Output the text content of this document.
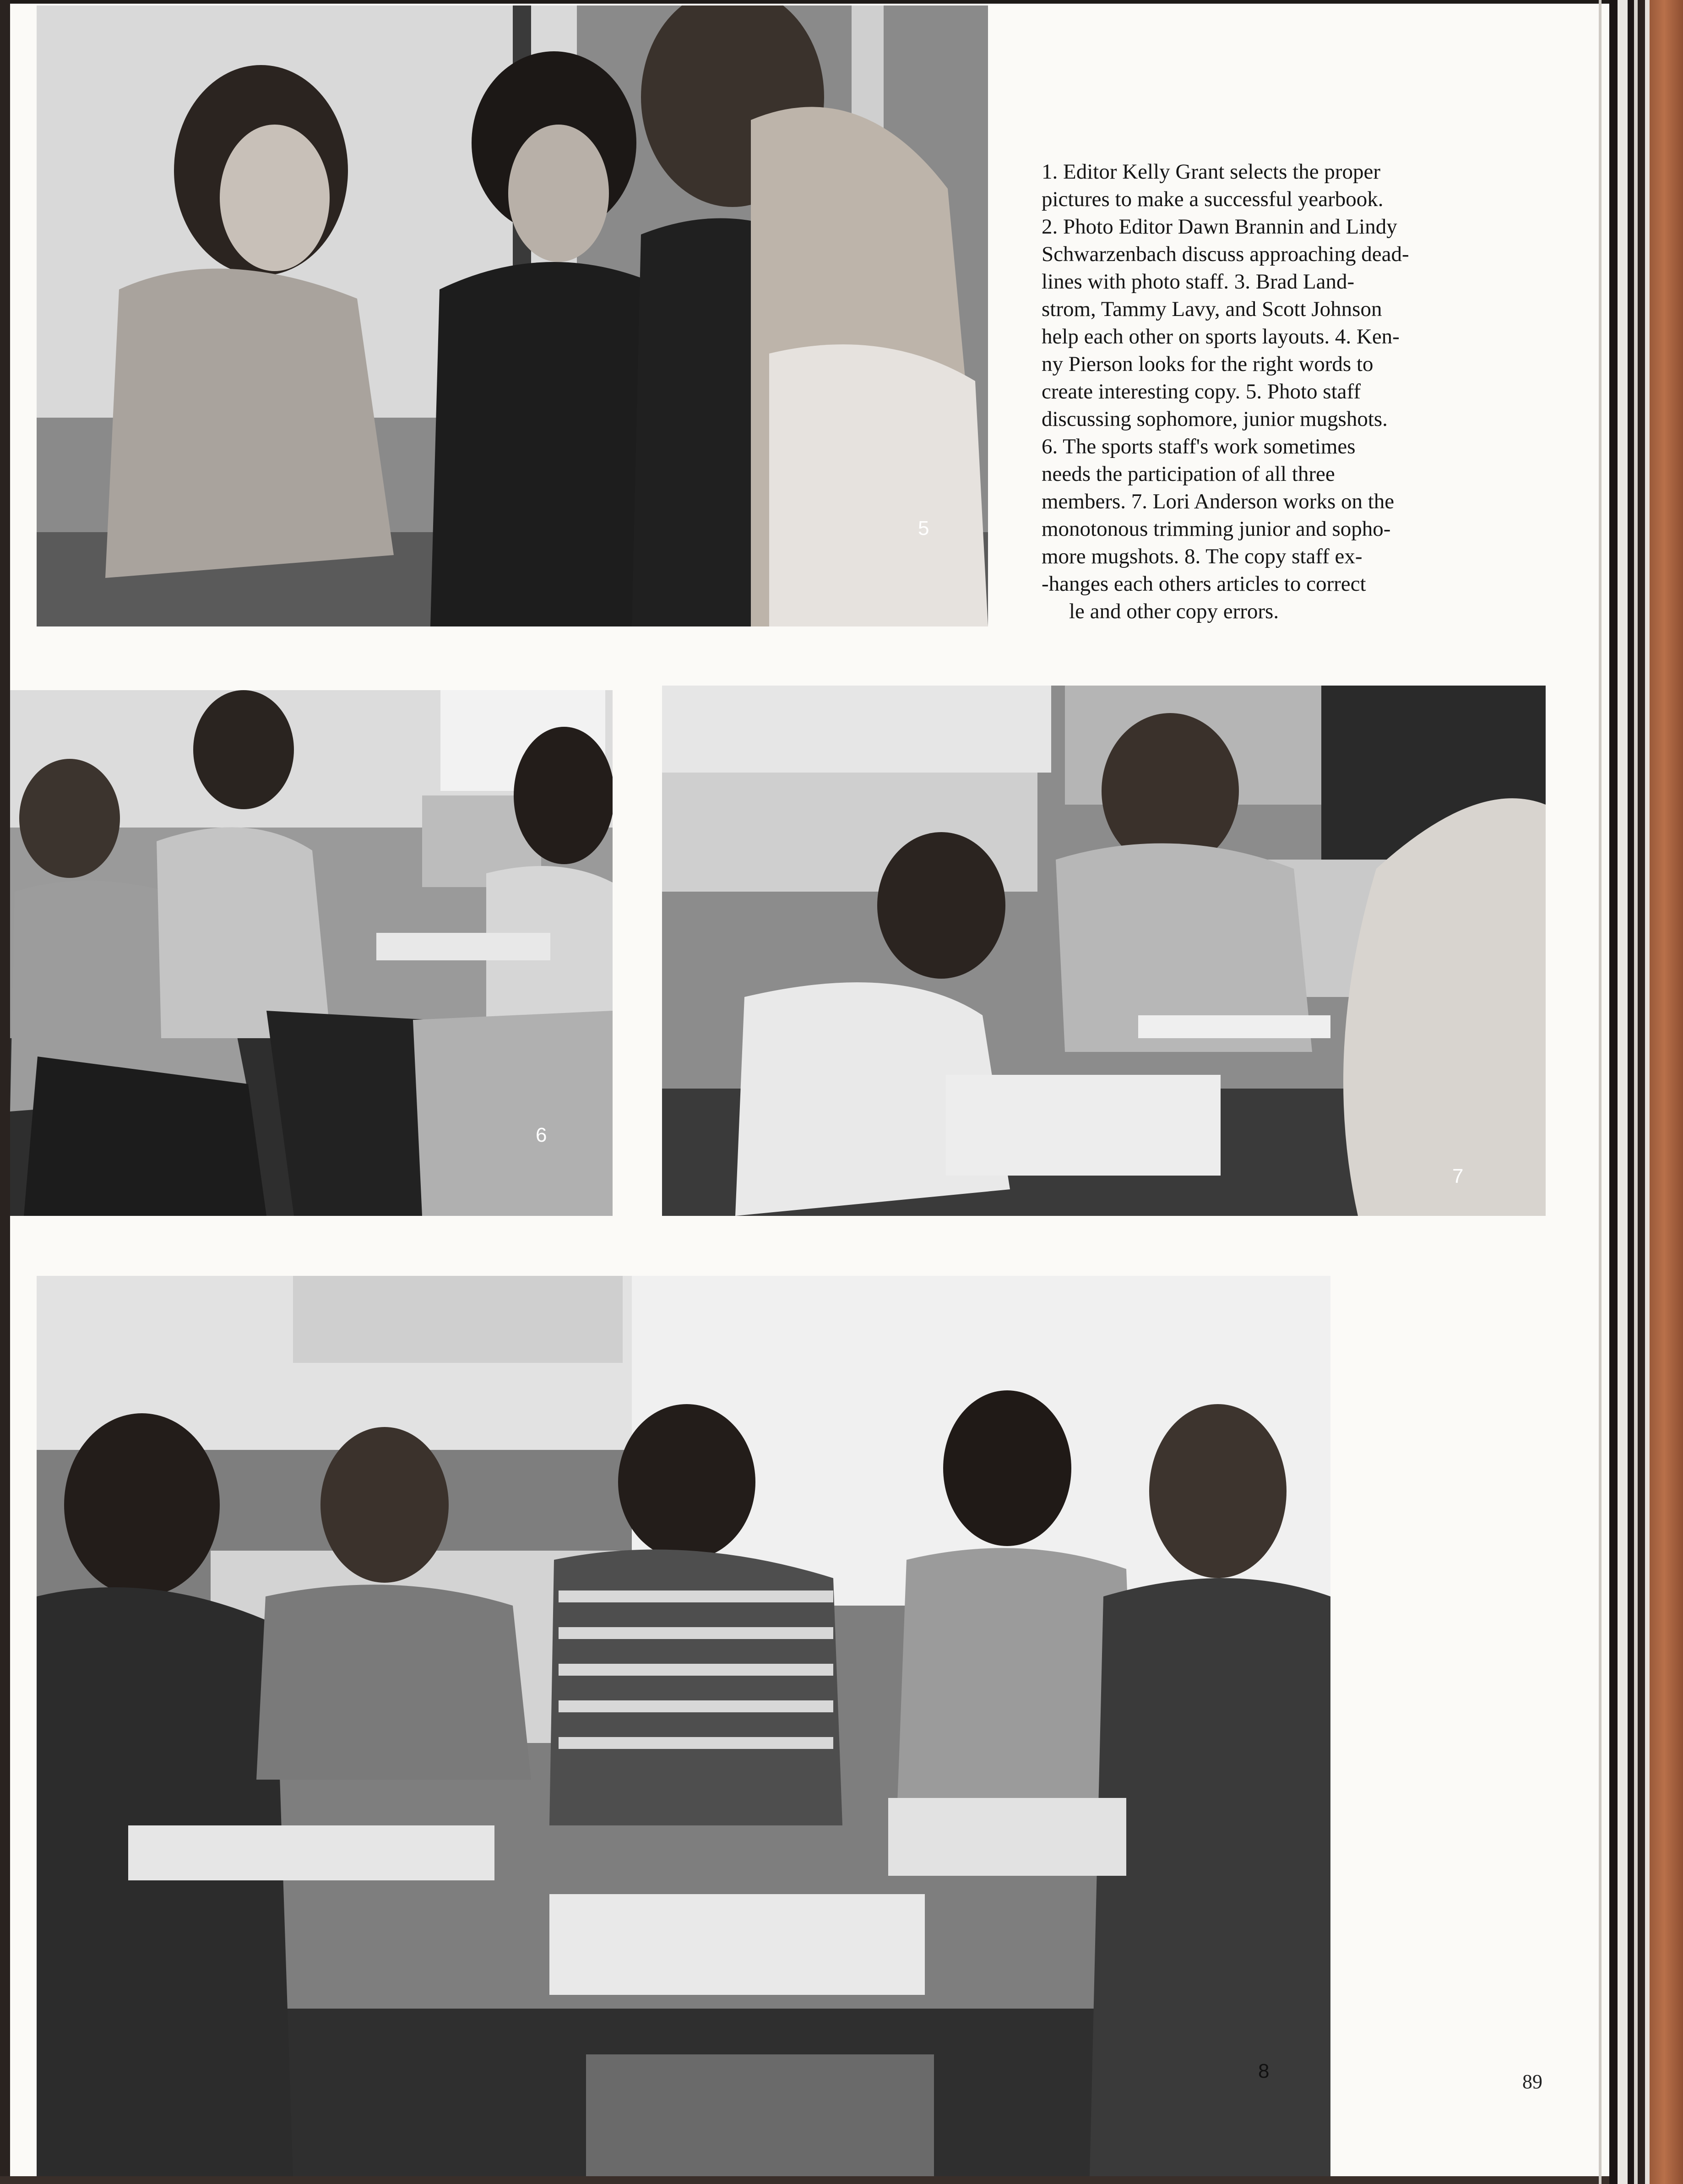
5

1. Editor Kelly Grant selects the proper

pictures to make a successful yearbook.

2. Photo Editor Dawn Brannin and Lindy

Schwarzenbach discuss approaching dead-

lines with photo staff. 3. Brad Land-

strom, Tammy Lavy, and Scott Johnson

help each other on sports layouts. 4. Ken-

ny Pierson looks for the right words to

create interesting copy. 5. Photo staff

discussing sophomore, junior mugshots.

6. The sports staff's work sometimes

needs the participation of all three

members. 7. Lori Anderson works on the

monotonous trimming junior and sopho-

more mugshots. 8. The copy staff ex-

-hanges each others articles to correct

le and other copy errors.

6
7
8	89
